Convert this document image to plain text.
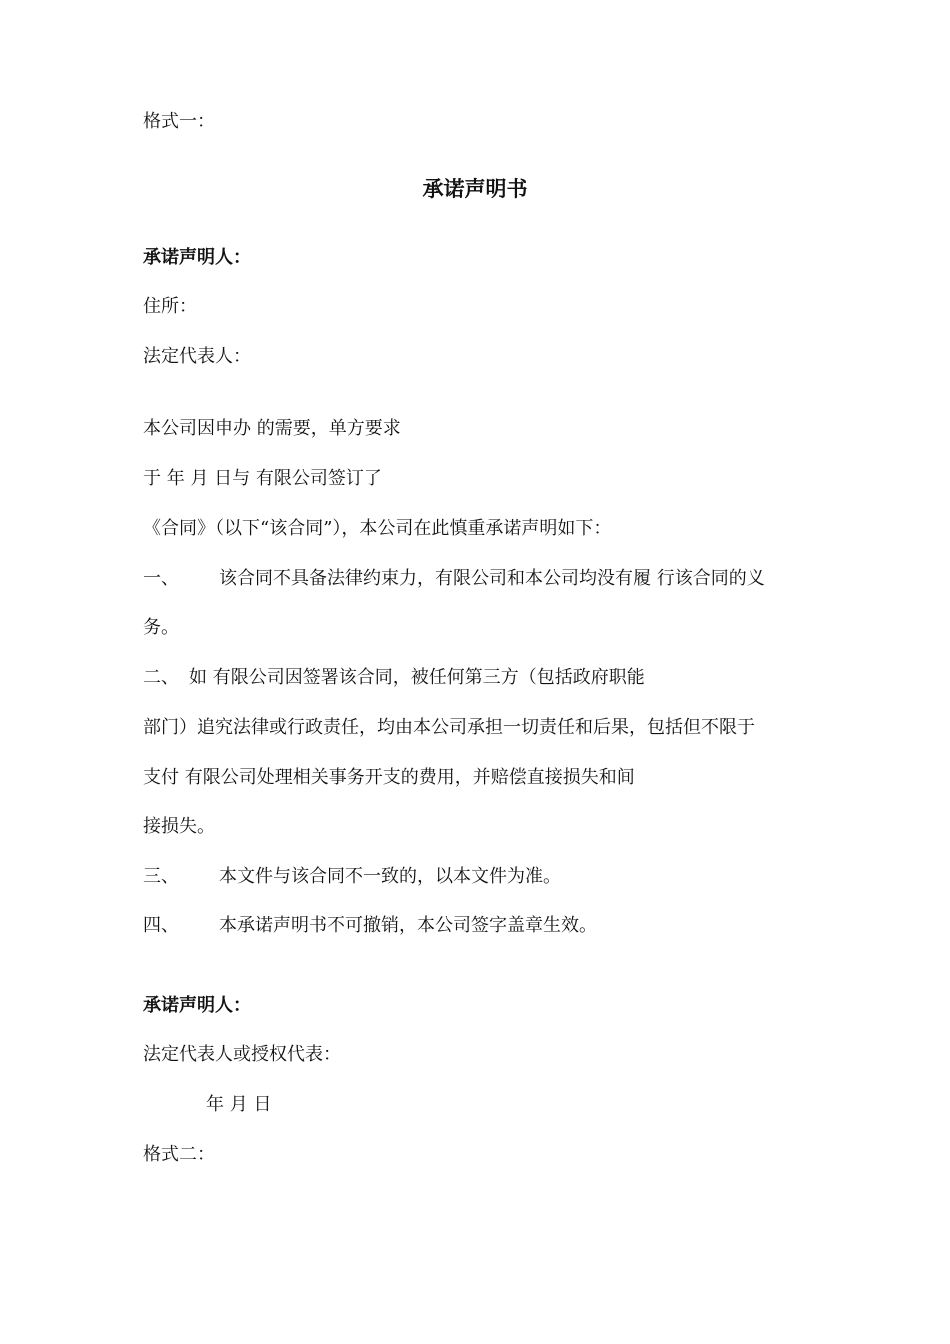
格式一：
承诺声明书
承诺声明人：
住所：
法定代表人：
本公司因申办 的需要，单方要求
于 年 月 日与 有限公司签订了
《合同》（以下“该合同”），本公司在此慎重承诺声明如下：
一、 该合同不具备法律约束力，有限公司和本公司均没有履 行该合同的义
务。
二、 如 有限公司因签署该合同，被任何第三方（包括政府职能
部门）追究法律或行政责任，均由本公司承担一切责任和后果，包括但不限于
支付 有限公司处理相关事务开支的费用，并赔偿直接损失和间
接损失。
三、 本文件与该合同不一致的，以本文件为准。
四、 本承诺声明书不可撤销，本公司签字盖章生效。
承诺声明人：
法定代表人或授权代表：
年 月 日
格式二：
